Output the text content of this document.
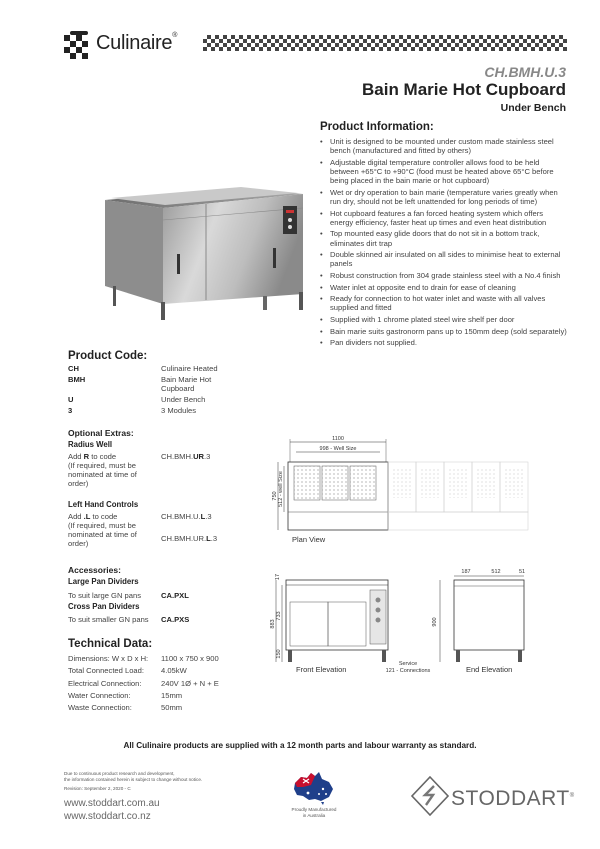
Culinaire®
CH.BMH.U.3
Bain Marie Hot Cupboard
Under Bench
Product Information:
• Unit is designed to be mounted under custom made stainless steel bench (manufactured and fitted by others)
• Adjustable digital temperature controller allows food to be held between +65°C to +90°C (food must be heated above 65°C before being placed in the bain marie or hot cupboard)
• Wet or dry operation to bain marie (temperature varies greatly when run dry, should not be left unattended for long periods of time)
• Hot cupboard features a fan forced heating system which offers energy efficiency, faster heat up times and even heat distribution
• Top mounted easy glide doors that do not sit in a bottom track, eliminates dirt trap
• Double skinned air insulated on all sides to minimise heat to external panels
• Robust construction from 304 grade stainless steel with a No.4 finish
• Water inlet at opposite end to drain for ease of cleaning
• Ready for connection to hot water inlet and waste with all valves supplied and fitted
• Supplied with 1 chrome plated steel wire shelf per door
• Bain marie suits gastronorm pans up to 150mm deep (sold separately)
• Pan dividers not supplied.
Product Code:
CH	Culinaire Heated
BMH	Bain Marie Hot Cupboard
U	Under Bench
3	3 Modules
Optional Extras:
Radius Well
Add R to code
(If required, must be nominated at time of order)
CH.BMH.UR.3
Left Hand Controls
Add .L to code
(If required, must be nominated at time of order)
CH.BMH.U.L.3
CH.BMH.UR.L.3
Accessories:
Large Pan Dividers
To suit large GN pans	CA.PXL
Cross Pan Dividers
To suit smaller GN pans CA.PXS
Technical Data:
Dimensions: W x D x H:	1100 x 750 x 900
Total Connected Load:	4.05kW
Electrical Connection:	240V 1Ø + N + E
Water Connection:	15mm
Waste Connection:	50mm
1100
998 - Well Size
750 512 - well Size
Plan View
17
883
733
150
Front Elevation
Service
121 - Connections
187	512	51
900
End Elevation
All Culinaire products are supplied with a 12 month parts and labour warranty as standard.
Due to continuous product research and development,
the information contained herein is subject to change without notice.
Revision: September 2, 2020 - C
www.stoddart.com.au
www.stoddart.co.nz
Proudly Manufactured
in Australia
STODDART®
